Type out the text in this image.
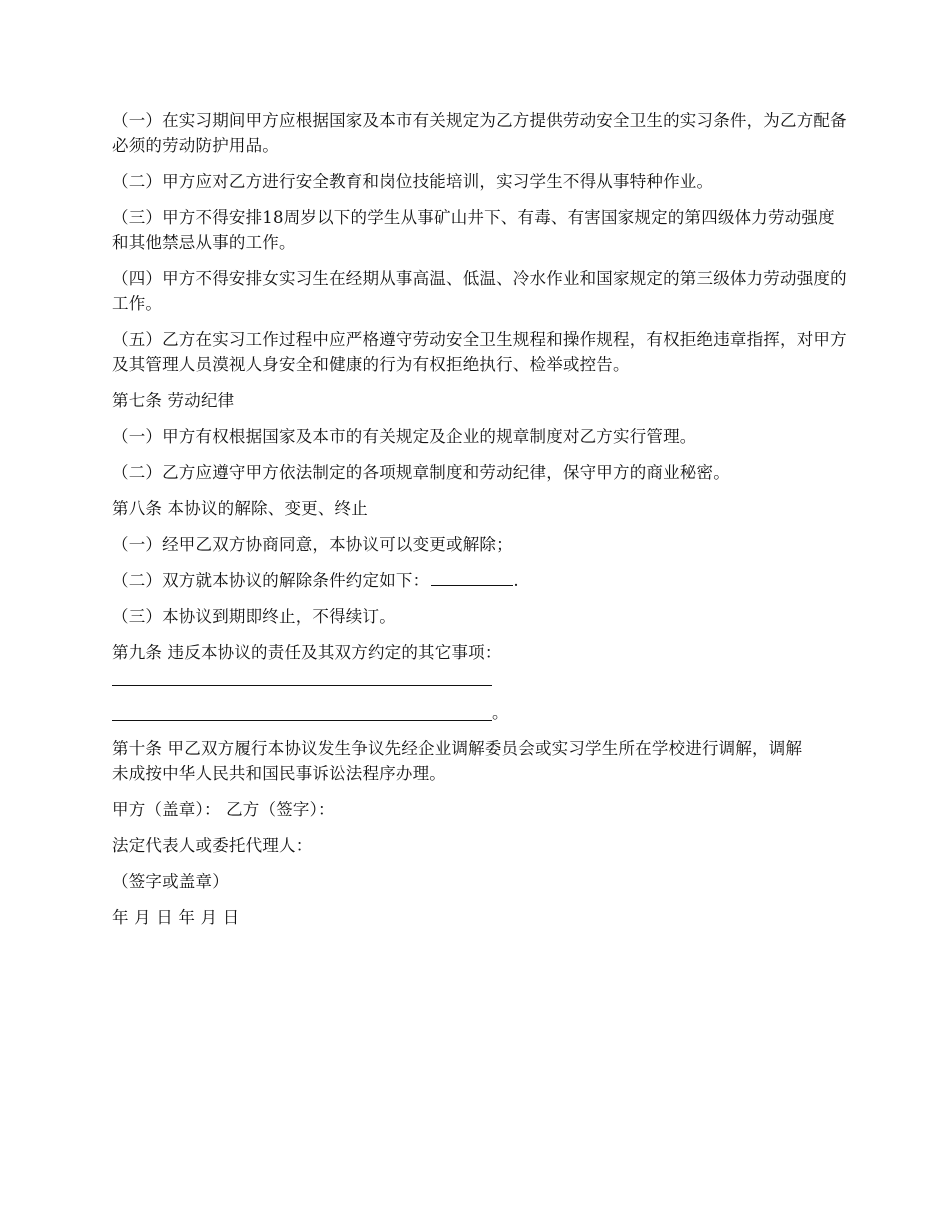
（一）在实习期间甲方应根据国家及本市有关规定为乙方提供劳动安全卫生的实习条件，为乙方配备必须的劳动防护用品。

（二）甲方应对乙方进行安全教育和岗位技能培训，实习学生不得从事特种作业。

（三）甲方不得安排18周岁以下的学生从事矿山井下、有毒、有害国家规定的第四级体力劳动强度和其他禁忌从事的工作。

（四）甲方不得安排女实习生在经期从事高温、低温、冷水作业和国家规定的第三级体力劳动强度的工作。

（五）乙方在实习工作过程中应严格遵守劳动安全卫生规程和操作规程，有权拒绝违章指挥，对甲方及其管理人员漠视人身安全和健康的行为有权拒绝执行、检举或控告。

第七条 劳动纪律

（一）甲方有权根据国家及本市的有关规定及企业的规章制度对乙方实行管理。

（二）乙方应遵守甲方依法制定的各项规章制度和劳动纪律，保守甲方的商业秘密。

第八条 本协议的解除、变更、终止

（一）经甲乙双方协商同意，本协议可以变更或解除；

（二）双方就本协议的解除条件约定如下：	.

（三）本协议到期即终止，不得续订。

第九条 违反本协议的责任及其双方约定的其它事项：

。

第十条 甲乙双方履行本协议发生争议先经企业调解委员会或实习学生所在学校进行调解，调解未成按中华人民共和国民事诉讼法程序办理。

甲方（盖章）： 乙方（签字）：

法定代表人或委托代理人：

（签字或盖章）

年 月 日 年 月 日
